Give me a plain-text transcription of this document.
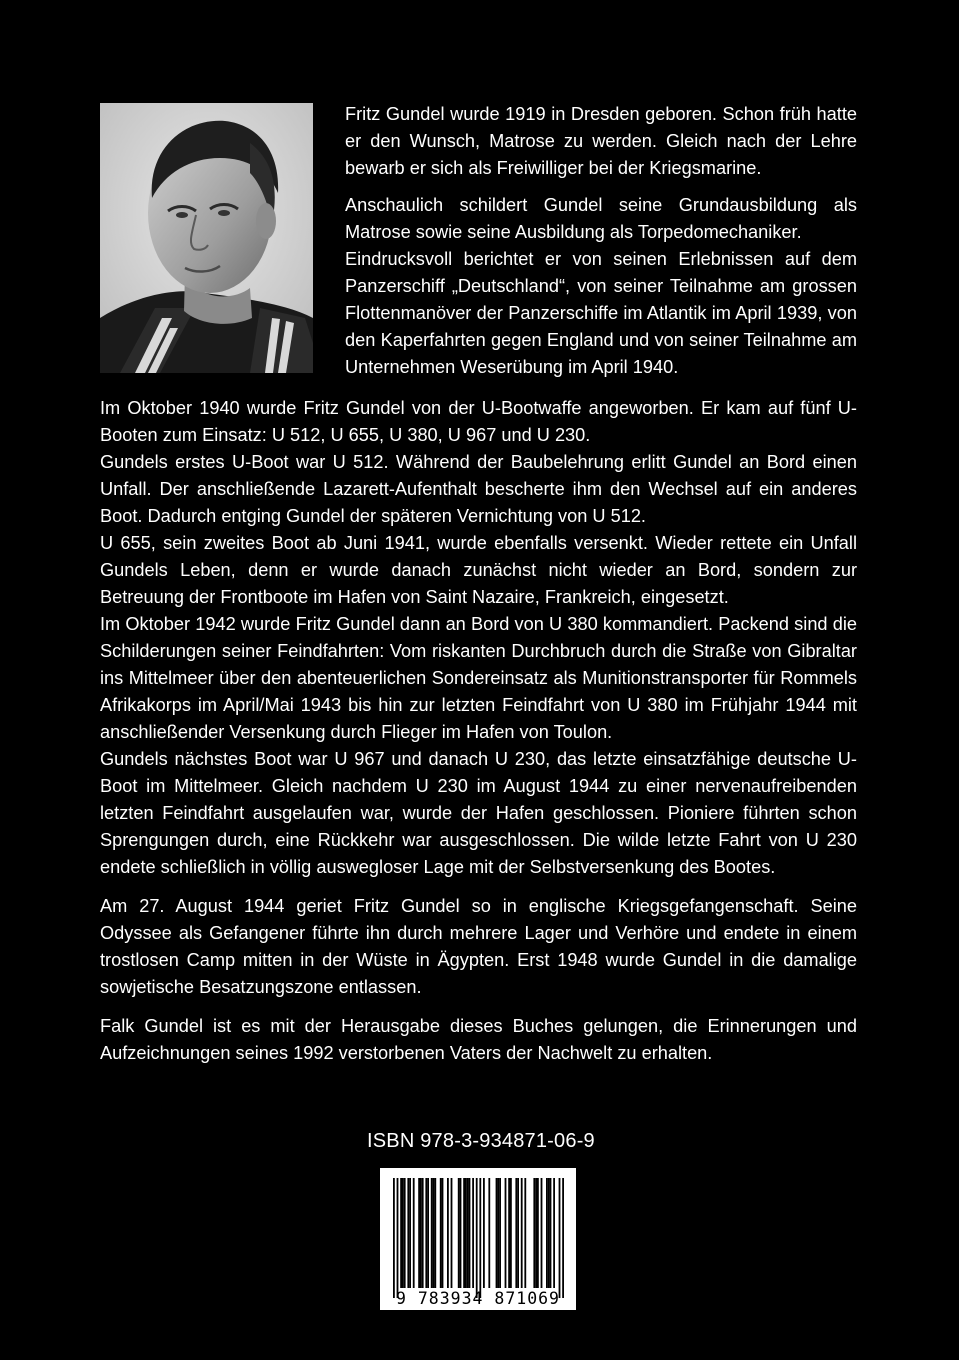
Fritz Gundel wurde 1919 in Dresden geboren. Schon früh hatte er den Wunsch, Matrose zu werden. Gleich nach der Lehre bewarb er sich als Freiwilliger bei der Kriegsmarine.

Anschaulich schildert Gundel seine Grundausbildung als Matrose sowie seine Ausbildung als Torpedomechaniker.

Eindrucksvoll berichtet er von seinen Erlebnissen auf dem Panzerschiff „Deutschland“, von seiner Teilnahme am grossen Flottenmanöver der Panzerschiffe im Atlantik im April 1939, von den Kaperfahrten gegen England und von seiner Teilnahme am Unternehmen Weserübung im April 1940.

Im Oktober 1940 wurde Fritz Gundel von der U-Bootwaffe angeworben. Er kam auf fünf U-Booten zum Einsatz: U 512, U 655, U 380, U 967 und U 230.

Gundels erstes U-Boot war U 512. Während der Baubelehrung erlitt Gundel an Bord einen Unfall. Der anschließende Lazarett-Aufenthalt bescherte ihm den Wechsel auf ein anderes Boot. Dadurch entging Gundel der späteren Vernichtung von U 512.

U 655, sein zweites Boot ab Juni 1941, wurde ebenfalls versenkt. Wieder rettete ein Unfall Gundels Leben, denn er wurde danach zunächst nicht wieder an Bord, sondern zur Betreuung der Frontboote im Hafen von Saint Nazaire, Frankreich, eingesetzt.

Im Oktober 1942 wurde Fritz Gundel dann an Bord von U 380 kommandiert. Packend sind die Schilderungen seiner Feindfahrten: Vom riskanten Durchbruch durch die Straße von Gibraltar ins Mittelmeer über den abenteuerlichen Sondereinsatz als Munitionstransporter für Rommels Afrikakorps im April/Mai 1943 bis hin zur letzten Feindfahrt von U 380 im Frühjahr 1944 mit anschließender Versenkung durch Flieger im Hafen von Toulon.

Gundels nächstes Boot war U 967 und danach U 230, das letzte einsatzfähige deutsche U-Boot im Mittelmeer. Gleich nachdem U 230 im August 1944 zu einer nervenaufreibenden letzten Feindfahrt ausgelaufen war, wurde der Hafen geschlossen. Pioniere führten schon Sprengungen durch, eine Rückkehr war ausgeschlossen. Die wilde letzte Fahrt von U 230 endete schließlich in völlig auswegloser Lage mit der Selbstversenkung des Bootes.

Am 27. August 1944 geriet Fritz Gundel so in englische Kriegsgefangenschaft. Seine Odyssee als Gefangener führte ihn durch mehrere Lager und Verhöre und endete in einem trostlosen Camp mitten in der Wüste in Ägypten. Erst 1948 wurde Gundel in die damalige sowjetische Besatzungszone entlassen.

Falk Gundel ist es mit der Herausgabe dieses Buches gelungen, die Erinnerungen und Aufzeichnungen seines 1992 verstorbenen Vaters der Nachwelt zu erhalten.

ISBN 978-3-934871-06-9
9 783934 871069
